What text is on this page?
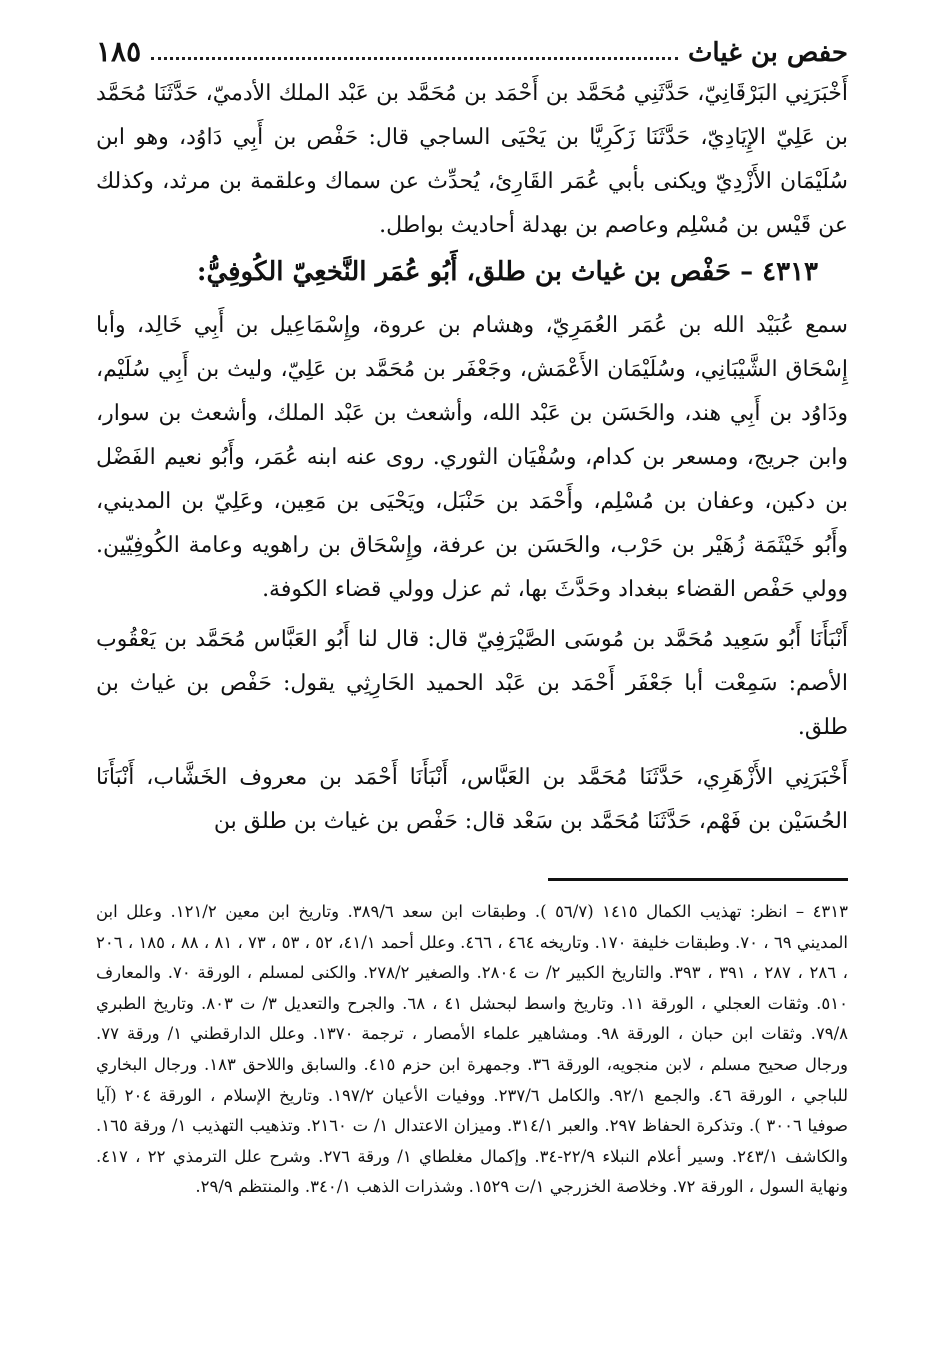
حفص بن غياث
١٨٥

أَخْبَرَنِي البَرْقَانِيّ، حَدَّثَنِي مُحَمَّد بن أَحْمَد بن مُحَمَّد بن عَبْد الملك الأدميّ، حَدَّثَنَا مُحَمَّد بن عَلِيّ الإِيَادِيّ، حَدَّثَنَا زَكَرِيَّا بن يَحْيَى الساجي قال: حَفْص بن أَبِي دَاوُد، وهو ابن سُلَيْمَان الأَزْدِيّ ويكنى بأبي عُمَر القَارِئ، يُحدِّث عن سماك وعلقمة بن مرثد، وكذلك عن قَيْس بن مُسْلِم وعاصم بن بهدلة أحاديث بواطل.

٤٣١٣ – حَفْص بن غياث بن طلق، أَبُو عُمَر النَّخعِيّ الكُوفِيُّ:

سمع عُبَيْد الله بن عُمَر العُمَرِيّ، وهشام بن عروة، وإِسْمَاعِيل بن أَبِي خَالِد، وأبا إِسْحَاق الشَّيْبَانِي، وسُلَيْمَان الأَعْمَش، وجَعْفَر بن مُحَمَّد بن عَلِيّ، وليث بن أَبِي سُلَيْم، ودَاوُد بن أَبِي هند، والحَسَن بن عَبْد الله، وأشعث بن عَبْد الملك، وأشعث بن سوار، وابن جريج، ومسعر بن كدام، وسُفْيَان الثوري. روى عنه ابنه عُمَر، وأَبُو نعيم الفَضْل بن دكين، وعفان بن مُسْلِم، وأَحْمَد بن حَنْبَل، ويَحْيَى بن مَعِين، وعَلِيّ بن المديني، وأَبُو خَيْثَمَة زُهَيْر بن حَرْب، والحَسَن بن عرفة، وإِسْحَاق بن راهويه وعامة الكُوفِيّين. وولي حَفْص القضاء ببغداد وحَدَّثَ بها، ثم عزل وولي قضاء الكوفة.

أَنْبَأَنَا أَبُو سَعِيد مُحَمَّد بن مُوسَى الصَّيْرَفِيّ قال: قال لنا أَبُو العَبَّاس مُحَمَّد بن يَعْقُوب الأصم: سَمِعْت أبا جَعْفَر أَحْمَد بن عَبْد الحميد الحَارِثِي يقول: حَفْص بن غياث بن طلق.

أَخْبَرَنِي الأَزْهَرِي، حَدَّثَنَا مُحَمَّد بن العَبَّاس، أَنْبَأَنَا أَحْمَد بن معروف الخَشَّاب، أَنْبَأَنَا الحُسَيْن بن فَهْم، حَدَّثَنَا مُحَمَّد بن سَعْد قال: حَفْص بن غياث بن طلق بن

٤٣١٣ – انظر: تهذيب الكمال ١٤١٥ (٥٦/٧ ). وطبقات ابن سعد ٣٨٩/٦. وتاريخ ابن معين ١٢١/٢. وعلل ابن المديني ٦٩ ، ٧٠. وطبقات خليفة ١٧٠. وتاريخه ٤٦٤ ، ٤٦٦. وعلل أحمد ٤١/١، ٥٢ ، ٥٣ ، ٧٣ ، ٨١ ، ٨٨ ، ١٨٥ ، ٢٠٦ ، ٢٨٦ ، ٢٨٧ ، ٣٩١ ، ٣٩٣. والتاريخ الكبير ٢/ ت ٢٨٠٤. والصغير ٢٧٨/٢. والكنى لمسلم ، الورقة ٧٠. والمعارف ٥١٠. وثقات العجلي ، الورقة ١١. وتاريخ واسط لبحشل ٤١ ، ٦٨. والجرح والتعديل ٣/ ت ٨٠٣. وتاريخ الطبري ٧٩/٨. وثقات ابن حبان ، الورقة ٩٨. ومشاهير علماء الأمصار ، ترجمة ١٣٧٠. وعلل الدارقطني ١/ ورقة ٧٧. ورجال صحيح مسلم ، لابن منجويه، الورقة ٣٦. وجمهرة ابن حزم ٤١٥. والسابق واللاحق ١٨٣. ورجال البخاري للباجي ، الورقة ٤٦. والجمع ٩٢/١. والكامل ٢٣٧/٦. ووفيات الأعيان ١٩٧/٢. وتاريخ الإسلام ، الورقة ٢٠٤ (آيا صوفيا ٣٠٠٦ ). وتذكرة الحفاظ ٢٩٧. والعبر ٣١٤/١. وميزان الاعتدال ١/ ت ٢١٦٠. وتذهيب التهذيب ١/ ورقة ١٦٥. والكاشف ٢٤٣/١. وسير أعلام النبلاء ٢٢/٩-٣٤. وإكمال مغلطاي ١/ ورقة ٢٧٦. وشرح علل الترمذي ٢٢ ، ٤١٧. ونهاية السول ، الورقة ٧٢. وخلاصة الخزرجي ١/ت ١٥٢٩. وشذرات الذهب ٣٤٠/١. والمنتظم ٢٩/٩.
